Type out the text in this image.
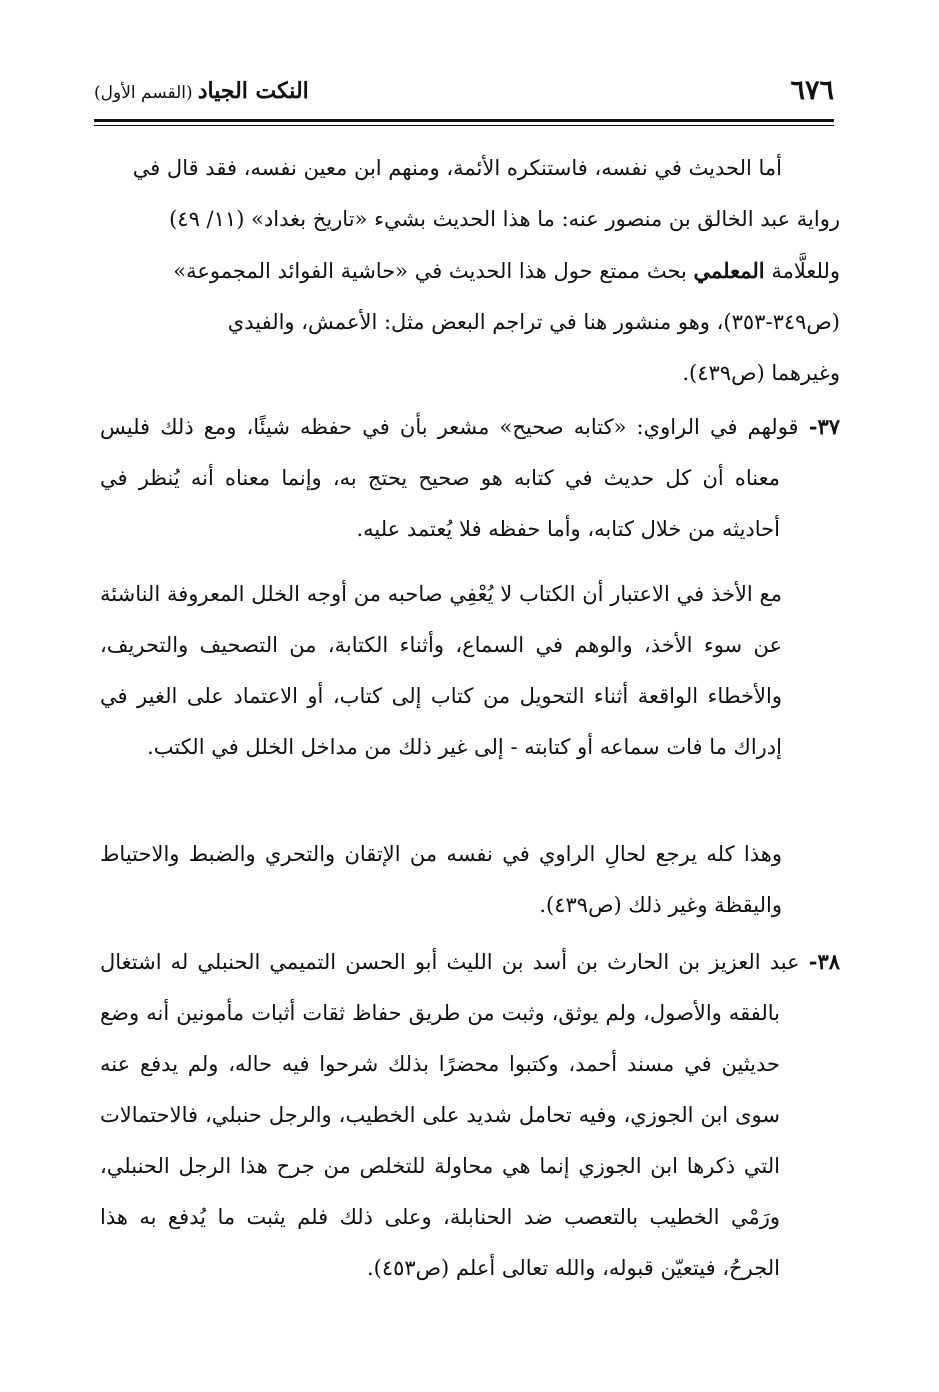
٦٧٦
النكت الجياد (القسم الأول)

أما الحديث في نفسه، فاستنكره الأئمة، ومنهم ابن معين نفسه، فقد قال في

رواية عبد الخالق بن منصور عنه: ما هذا الحديث بشيء «تاريخ بغداد» (١١/ ٤٩)

وللعلَّامة المعلمي بحث ممتع حول هذا الحديث في «حاشية الفوائد المجموعة»

(ص٣٤٩-٣٥٣)، وهو منشور هنا في تراجم البعض مثل: الأعمش، والفيدي

وغيرهما (ص٤٣٩).

٣٧- قولهم في الراوي: «كتابه صحيح» مشعر بأن في حفظه شيئًا، ومع ذلك فليس معناه أن كل حديث في كتابه هو صحيح يحتج به، وإنما معناه أنه يُنظر في أحاديثه من خلال كتابه، وأما حفظه فلا يُعتمد عليه.

مع الأخذ في الاعتبار أن الكتاب لا يُعْفِي صاحبه من أوجه الخلل المعروفة الناشئة عن سوء الأخذ، والوهم في السماع، وأثناء الكتابة، من التصحيف والتحريف، والأخطاء الواقعة أثناء التحويل من كتاب إلى كتاب، أو الاعتماد على الغير في إدراك ما فات سماعه أو كتابته - إلى غير ذلك من مداخل الخلل في الكتب.

وهذا كله يرجع لحالِ الراوي في نفسه من الإتقان والتحري والضبط والاحتياط واليقظة وغير ذلك (ص٤٣٩).

٣٨- عبد العزيز بن الحارث بن أسد بن الليث أبو الحسن التميمي الحنبلي له اشتغال بالفقه والأصول، ولم يوثق، وثبت من طريق حفاظ ثقات أثبات مأمونين أنه وضع حديثين في مسند أحمد، وكتبوا محضرًا بذلك شرحوا فيه حاله، ولم يدفع عنه سوى ابن الجوزي، وفيه تحامل شديد على الخطيب، والرجل حنبلي، فالاحتمالات التي ذكرها ابن الجوزي إنما هي محاولة للتخلص من جرح هذا الرجل الحنبلي، ورَمْي الخطيب بالتعصب ضد الحنابلة، وعلى ذلك فلم يثبت ما يُدفع به هذا الجرحُ، فيتعيّن قبوله، والله تعالى أعلم (ص٤٥٣).
